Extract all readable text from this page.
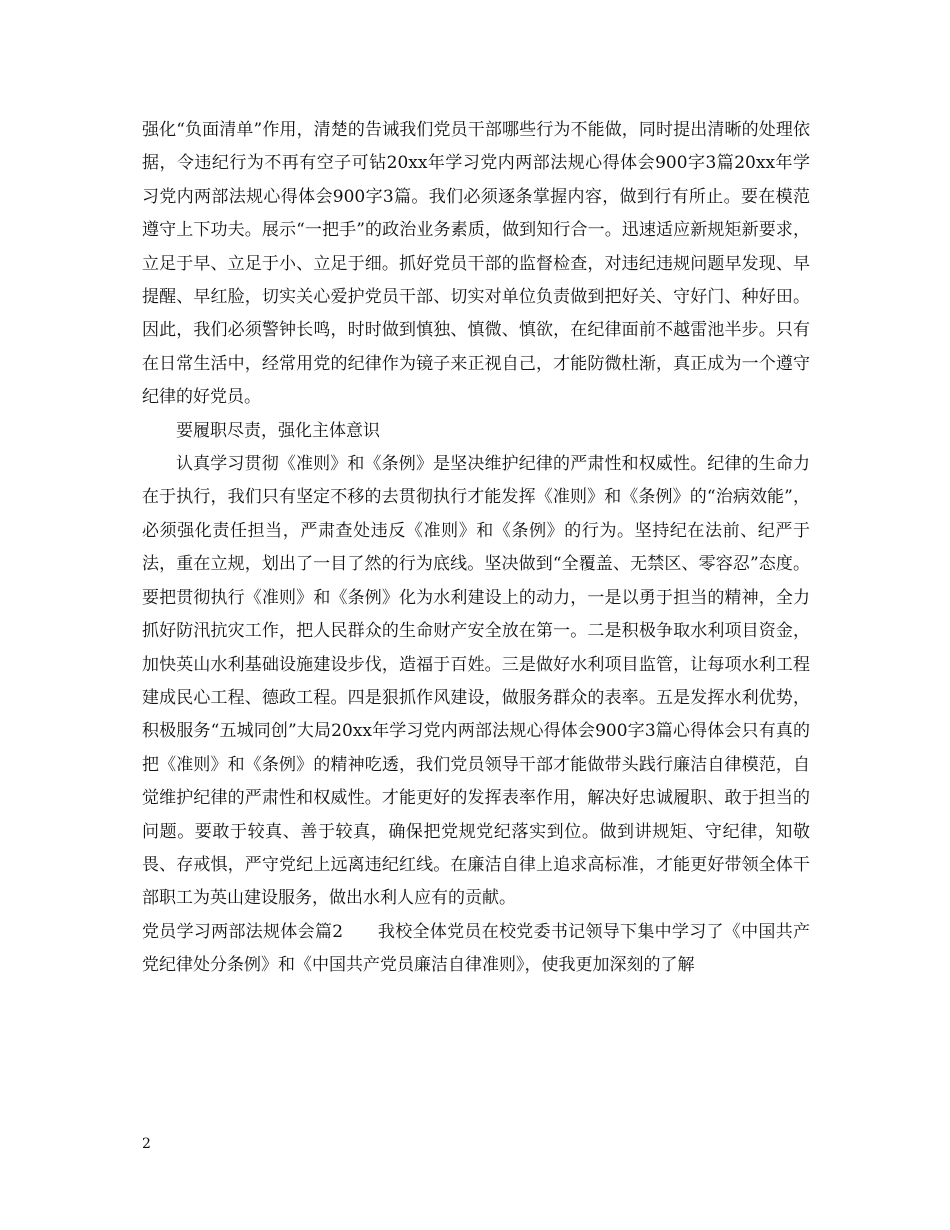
强化“负面清单”作用，清楚的告诫我们党员干部哪些行为不能做，同时提出清晰的处理依据，令违纪行为不再有空子可钻20xx年学习党内两部法规心得体会900字3篇20xx年学习党内两部法规心得体会900字3篇。我们必须逐条掌握内容，做到行有所止。要在模范遵守上下功夫。展示“一把手”的政治业务素质，做到知行合一。迅速适应新规矩新要求，立足于早、立足于小、立足于细。抓好党员干部的监督检查，对违纪违规问题早发现、早提醒、早红脸，切实关心爱护党员干部、切实对单位负责做到把好关、守好门、种好田。因此，我们必须警钟长鸣，时时做到慎独、慎微、慎欲，在纪律面前不越雷池半步。只有在日常生活中，经常用党的纪律作为镜子来正视自己，才能防微杜渐，真正成为一个遵守纪律的好党员。

要履职尽责，强化主体意识

认真学习贯彻《准则》和《条例》是坚决维护纪律的严肃性和权威性。纪律的生命力在于执行，我们只有坚定不移的去贯彻执行才能发挥《准则》和《条例》的“治病效能”，必须强化责任担当，严肃查处违反《准则》和《条例》的行为。坚持纪在法前、纪严于法，重在立规，划出了一目了然的行为底线。坚决做到“全覆盖、无禁区、零容忍”态度。要把贯彻执行《准则》和《条例》化为水利建设上的动力，一是以勇于担当的精神，全力抓好防汛抗灾工作，把人民群众的生命财产安全放在第一。二是积极争取水利项目资金，加快英山水利基础设施建设步伐，造福于百姓。三是做好水利项目监管，让每项水利工程建成民心工程、德政工程。四是狠抓作风建设，做服务群众的表率。五是发挥水利优势，积极服务“五城同创”大局20xx年学习党内两部法规心得体会900字3篇心得体会只有真的把《准则》和《条例》的精神吃透，我们党员领导干部才能做带头践行廉洁自律模范，自觉维护纪律的严肃性和权威性。才能更好的发挥表率作用，解决好忠诚履职、敢于担当的问题。要敢于较真、善于较真，确保把党规党纪落实到位。做到讲规矩、守纪律，知敬畏、存戒惧，严守党纪上远离违纪红线。在廉洁自律上追求高标准，才能更好带领全体干部职工为英山建设服务，做出水利人应有的贡献。

党员学习两部法规体会篇2　　我校全体党员在校党委书记领导下集中学习了《中国共产党纪律处分条例》和《中国共产党员廉洁自律准则》，使我更加深刻的了解

2
